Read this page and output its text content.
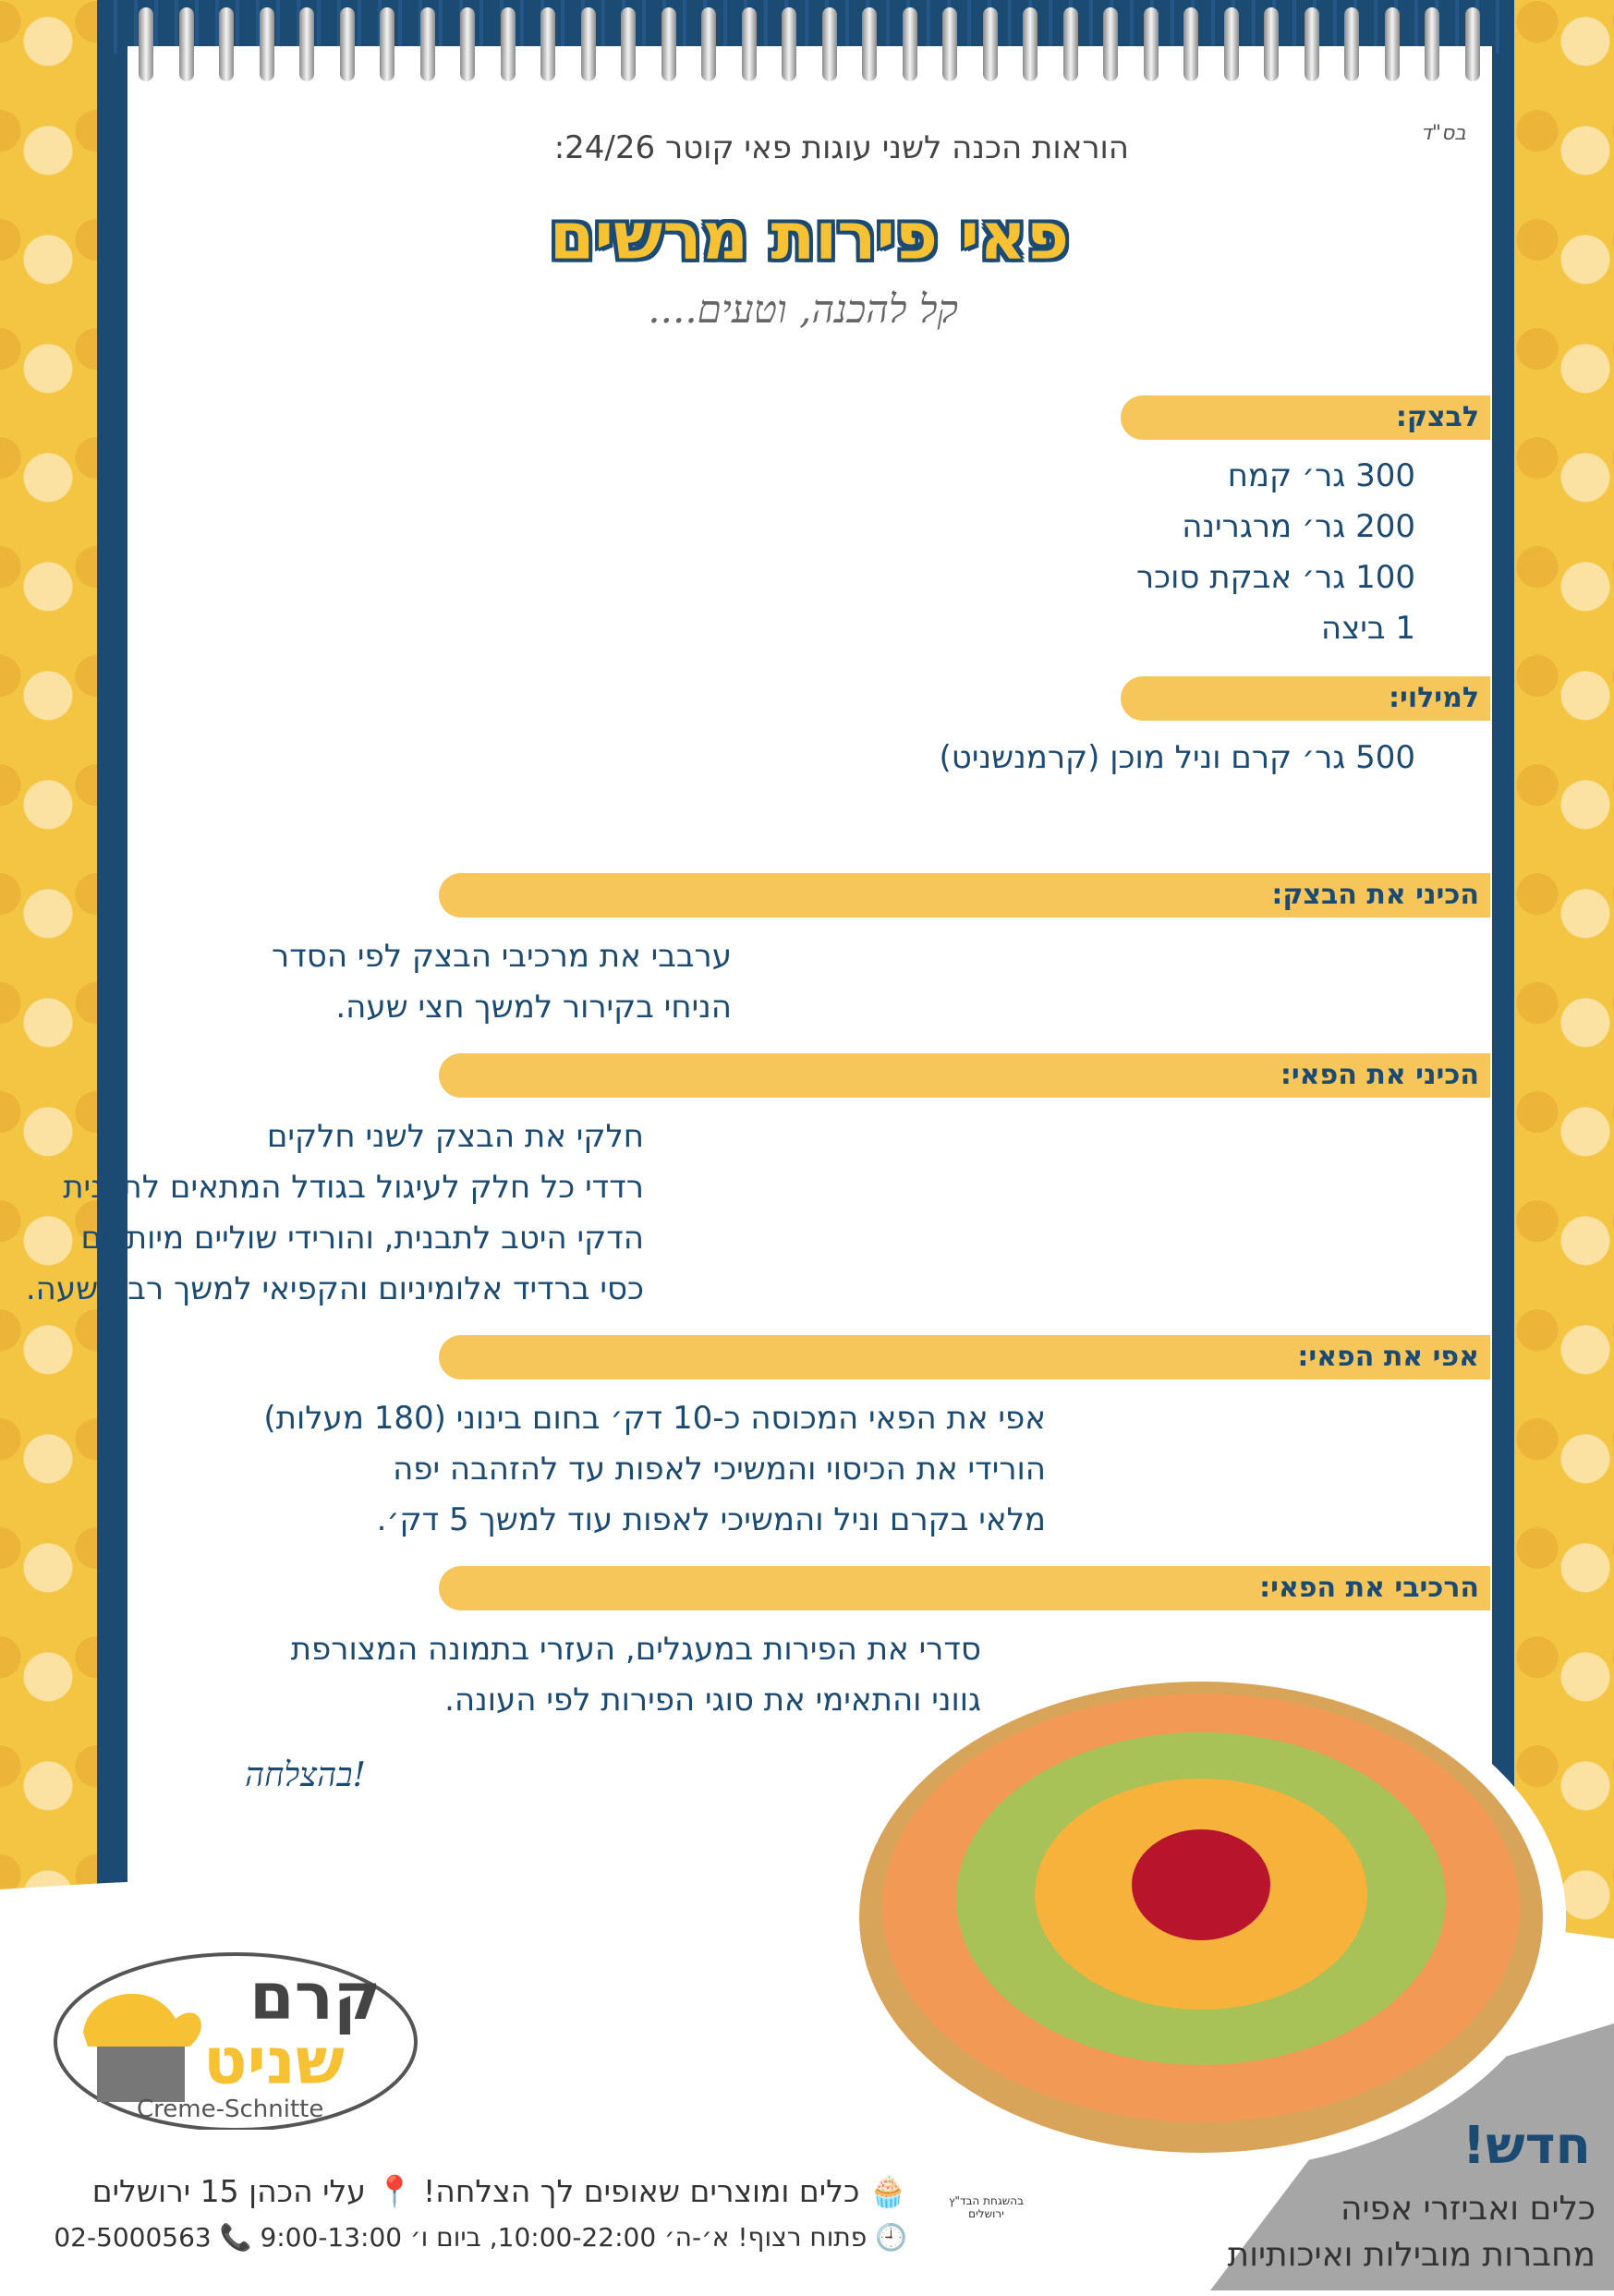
בס"ד
הוראות הכנה לשני עוגות פאי קוטר 24/26:
פאי פירות מרשים
קל להכנה, וטעים....
לבצק:
300 גר׳ קמח
200 גר׳ מרגרינה
100 גר׳ אבקת סוכר
1 ביצה
למילוי:
500 גר׳ קרם וניל מוכן (קרמנשניט)
הכיני את הבצק:
ערבבי את מרכיבי הבצק לפי הסדר
הניחי בקירור למשך חצי שעה.
הכיני את הפאי:
חלקי את הבצק לשני חלקים
רדדי כל חלק לעיגול בגודל המתאים לתבנית
הדקי היטב לתבנית, והורידי שוליים מיותרים
כסי ברדיד אלומיניום והקפיאי למשך רבע שעה.
אפי את הפאי:
אפי את הפאי המכוסה כ-10 דק׳ בחום בינוני (180 מעלות)
הורידי את הכיסוי והמשיכי לאפות עד להזהבה יפה
מלאי בקרם וניל והמשיכי לאפות עוד למשך 5 דק׳.
הרכיבי את הפאי:
סדרי את הפירות במעגלים, העזרי בתמונה המצורפת
גווני והתאימי את סוגי הפירות לפי העונה.
בהצלחה!
קרם
שניט
Creme-Schnitte
🧁 כלים ומוצרים שאופים לך הצלחה! 📍 עלי הכהן 15 ירושלים
🕘 פתוח רצוף! א׳-ה׳ 10:00-22:00, ביום ו׳ 9:00-13:00 📞 02-5000563
בהשגחת הבד"ץ ירושלים
חדש!
כלים ואביזרי אפיה
מחברות מובילות ואיכותיות
